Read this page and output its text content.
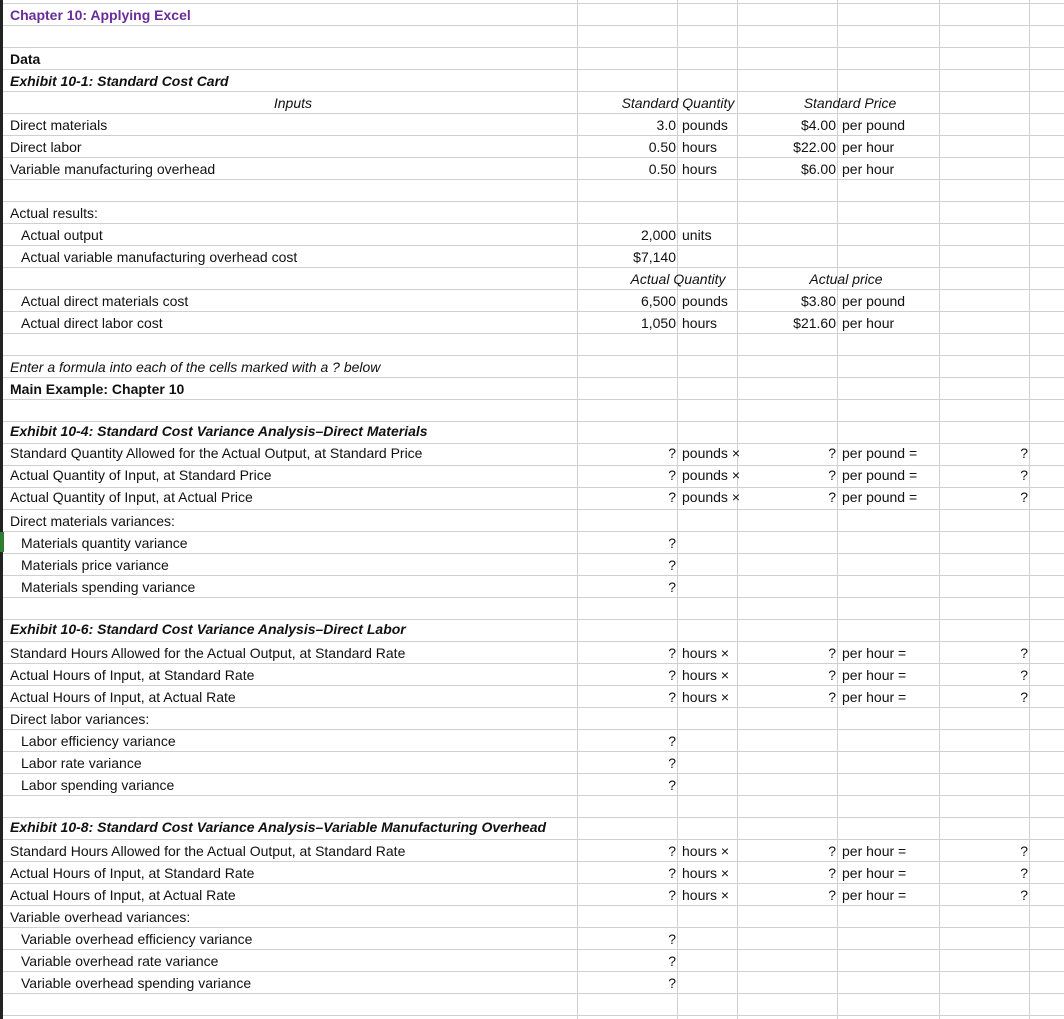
Chapter 10: Applying Excel
Data
Exhibit 10-1: Standard Cost Card
Inputs	Standard Quantity	Standard Price
Direct materials	3.0 pounds	$4.00 per pound
Direct labor	0.50 hours	$22.00 per hour
Variable manufacturing overhead	0.50 hours	$6.00 per hour
Actual results:
Actual output	2,000 units
Actual variable manufacturing overhead cost	$7,140
Actual Quantity	Actual price
Actual direct materials cost	6,500 pounds	$3.80 per pound
Actual direct labor cost	1,050 hours	$21.60 per hour
Enter a formula into each of the cells marked with a ? below
Main Example: Chapter 10
Exhibit 10-4: Standard Cost Variance Analysis–Direct Materials
Standard Quantity Allowed for the Actual Output, at Standard Price	? pounds ×	? per pound =	?
Actual Quantity of Input, at Standard Price	? pounds ×	? per pound =	?
Actual Quantity of Input, at Actual Price	? pounds ×	? per pound =	?
Direct materials variances:
Materials quantity variance	?
Materials price variance	?
Materials spending variance	?
Exhibit 10-6: Standard Cost Variance Analysis–Direct Labor
Standard Hours Allowed for the Actual Output, at Standard Rate	? hours ×	? per hour =	?
Actual Hours of Input, at Standard Rate	? hours ×	? per hour =	?
Actual Hours of Input, at Actual Rate	? hours ×	? per hour =	?
Direct labor variances:
Labor efficiency variance	?
Labor rate variance	?
Labor spending variance	?
Exhibit 10-8: Standard Cost Variance Analysis–Variable Manufacturing Overhead
Standard Hours Allowed for the Actual Output, at Standard Rate	? hours ×	? per hour =	?
Actual Hours of Input, at Standard Rate	? hours ×	? per hour =	?
Actual Hours of Input, at Actual Rate	? hours ×	? per hour =	?
Variable overhead variances:
Variable overhead efficiency variance	?
Variable overhead rate variance	?
Variable overhead spending variance	?
